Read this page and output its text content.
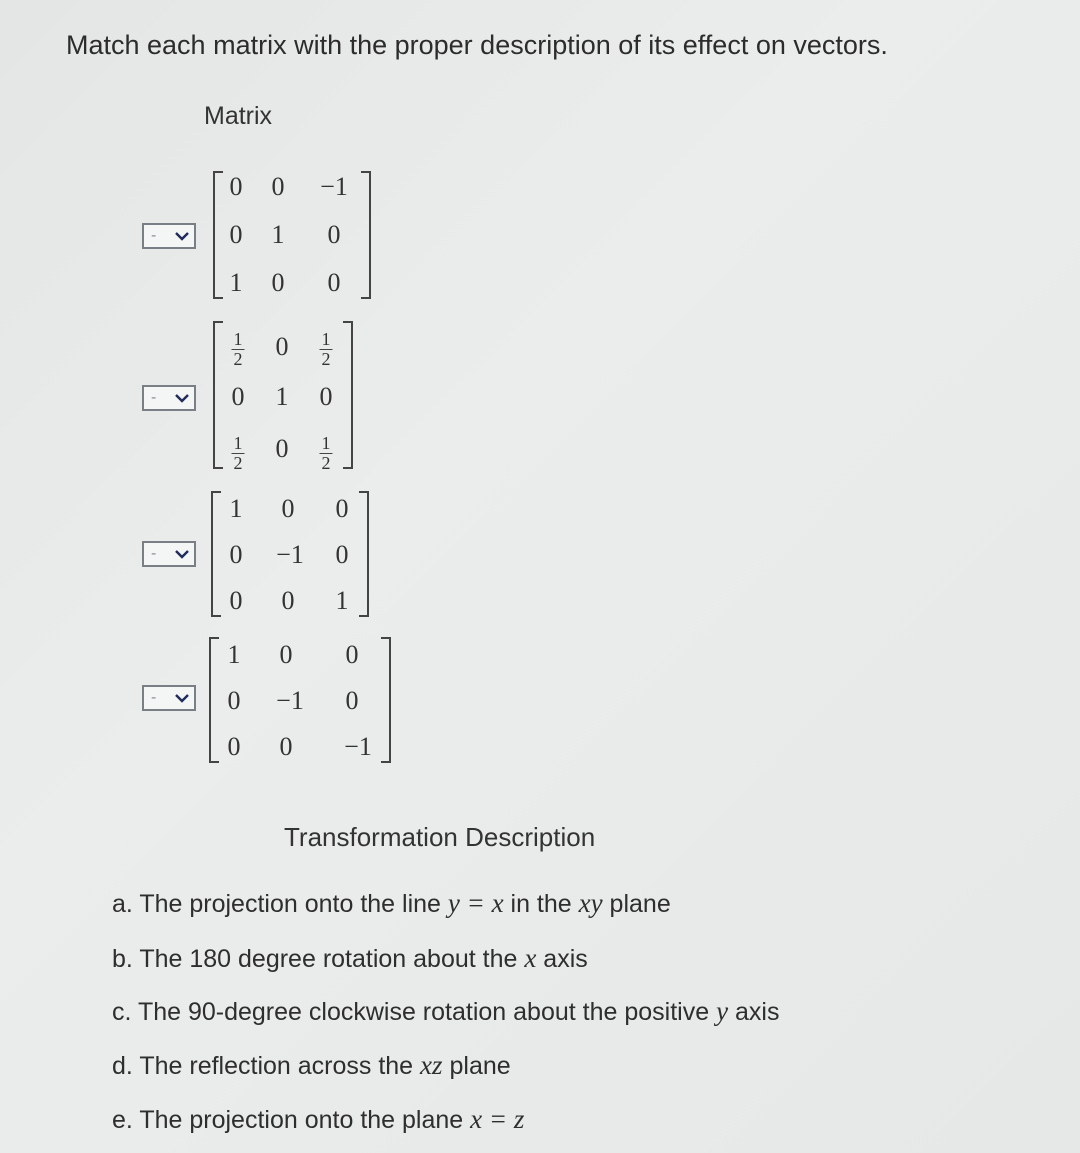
Match each matrix with the proper description of its effect on vectors.
Matrix
-
0 0 −1
0 1 0
1 0 0
-
$\frac{1}{2} 0 \frac{1}{2}$
0 1 0
$\frac{1}{2} 0 \frac{1}{2}$
-
1 0 0
0 −1 0
0 0 1
-
1 0 0
0 −1 0
0 0 −1
Transformation Description
a. The projection onto the line y = x in the xy plane
b. The 180 degree rotation about the x axis
c. The 90-degree clockwise rotation about the positive y axis
d. The reflection across the xz plane
e. The projection onto the plane x = z
